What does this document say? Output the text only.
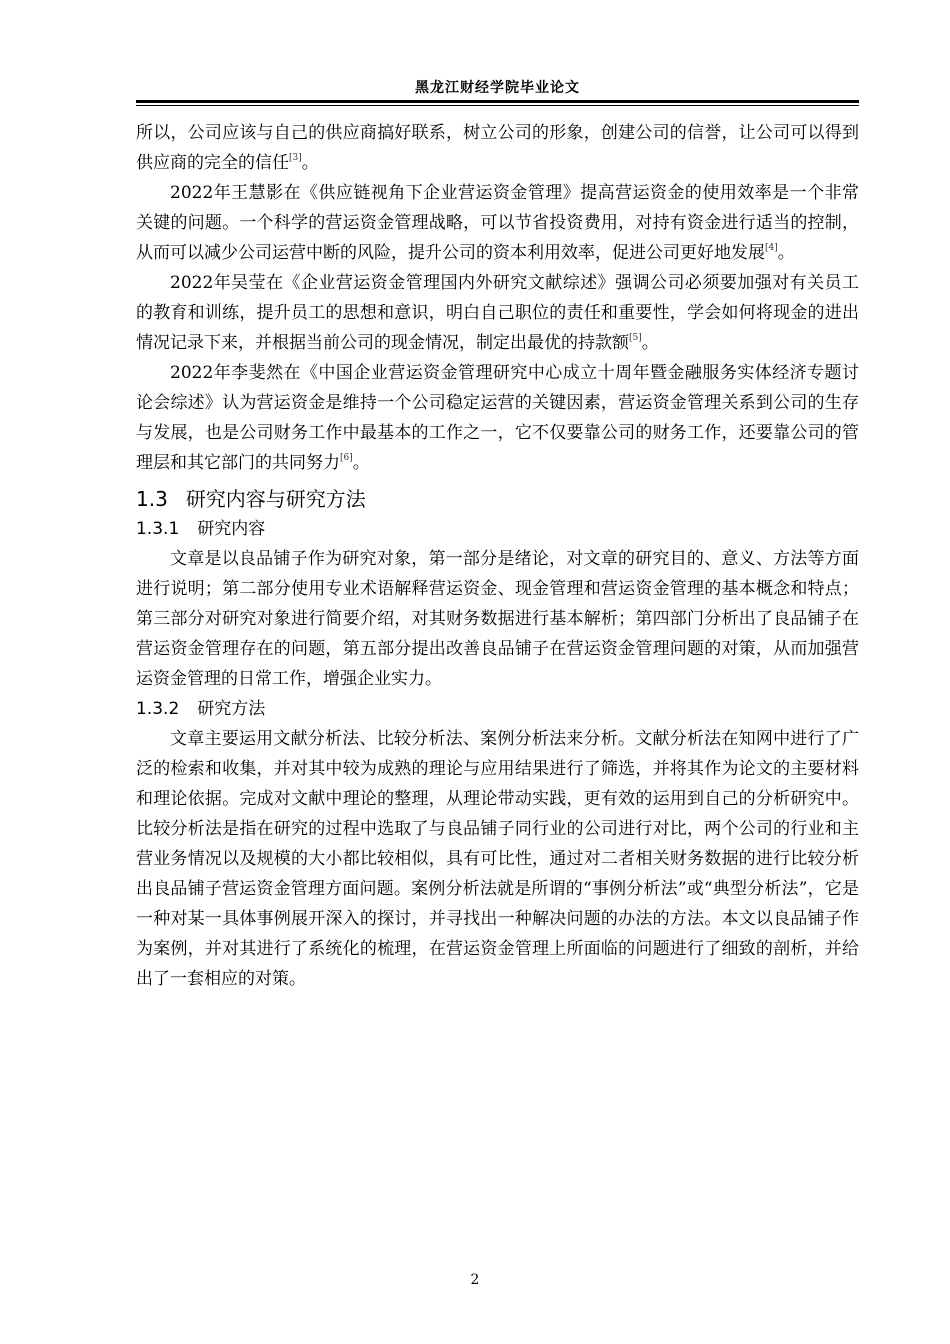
黑龙江财经学院毕业论文

所以，公司应该与自己的供应商搞好联系，树立公司的形象，创建公司的信誉，让公司可以得到供应商的完全的信任[3]。

2022年王慧影在《供应链视角下企业营运资金管理》提高营运资金的使用效率是一个非常关键的问题。一个科学的营运资金管理战略，可以节省投资费用，对持有资金进行适当的控制，从而可以减少公司运营中断的风险，提升公司的资本利用效率，促进公司更好地发展[4]。

2022年吴莹在《企业营运资金管理国内外研究文献综述》强调公司必须要加强对有关员工的教育和训练，提升员工的思想和意识，明白自己职位的责任和重要性，学会如何将现金的进出情况记录下来，并根据当前公司的现金情况，制定出最优的持款额[5]。

2022年李斐然在《中国企业营运资金管理研究中心成立十周年暨金融服务实体经济专题讨论会综述》认为营运资金是维持一个公司稳定运营的关键因素，营运资金管理关系到公司的生存与发展，也是公司财务工作中最基本的工作之一，它不仅要靠公司的财务工作，还要靠公司的管理层和其它部门的共同努力[6]。

1.3 研究内容与研究方法
1.3.1 研究内容

文章是以良品铺子作为研究对象，第一部分是绪论，对文章的研究目的、意义、方法等方面进行说明；第二部分使用专业术语解释营运资金、现金管理和营运资金管理的基本概念和特点；第三部分对研究对象进行简要介绍，对其财务数据进行基本解析；第四部门分析出了良品铺子在营运资金管理存在的问题，第五部分提出改善良品铺子在营运资金管理问题的对策，从而加强营运资金管理的日常工作，增强企业实力。

1.3.2 研究方法

文章主要运用文献分析法、比较分析法、案例分析法来分析。文献分析法在知网中进行了广泛的检索和收集，并对其中较为成熟的理论与应用结果进行了筛选，并将其作为论文的主要材料和理论依据。完成对文献中理论的整理，从理论带动实践，更有效的运用到自己的分析研究中。比较分析法是指在研究的过程中选取了与良品铺子同行业的公司进行对比，两个公司的行业和主营业务情况以及规模的大小都比较相似，具有可比性，通过对二者相关财务数据的进行比较分析出良品铺子营运资金管理方面问题。案例分析法就是所谓的“事例分析法”或“典型分析法”，它是一种对某一具体事例展开深入的探讨，并寻找出一种解决问题的办法的方法。本文以良品铺子作为案例，并对其进行了系统化的梳理，在营运资金管理上所面临的问题进行了细致的剖析，并给出了一套相应的对策。

2
